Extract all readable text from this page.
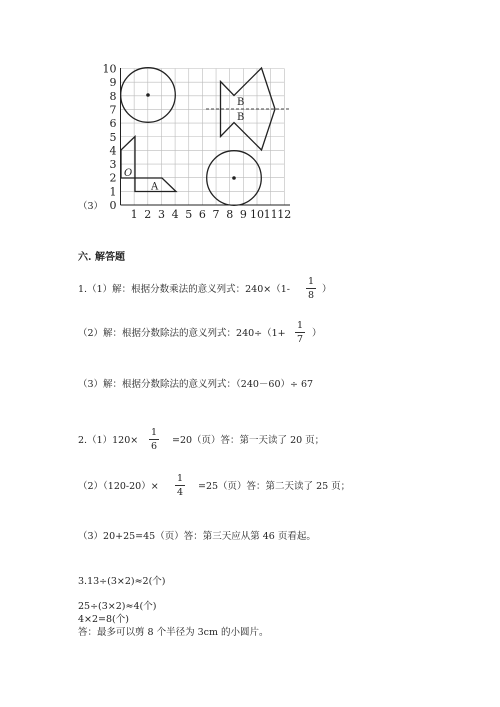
（3）
10
9
8
7
6
5
4
3
2
1
0
1 2 3 4 5 6 7 8 9 10 11 12
B
B
O
A
六. 解答题
1.（1）解：根据分数乘法的意义列式：240×（1-
1
8
）
（2）解：根据分数除法的意义列式：240÷（1+
1
7
）
（3）解：根据分数除法的意义列式：（240－60）÷ 67
2.（1）120×
1
6
=20（页）答：第一天读了 20 页；
（2）（120-20）×
1
4
=25（页）答：第二天读了 25 页；
（3）20+25=45（页）答：第三天应从第 46 页看起。
3.13÷(3×2)≈2(个)
25÷(3×2)≈4(个)
4×2=8(个)
答：最多可以剪 8 个半径为 3cm 的小圆片。
